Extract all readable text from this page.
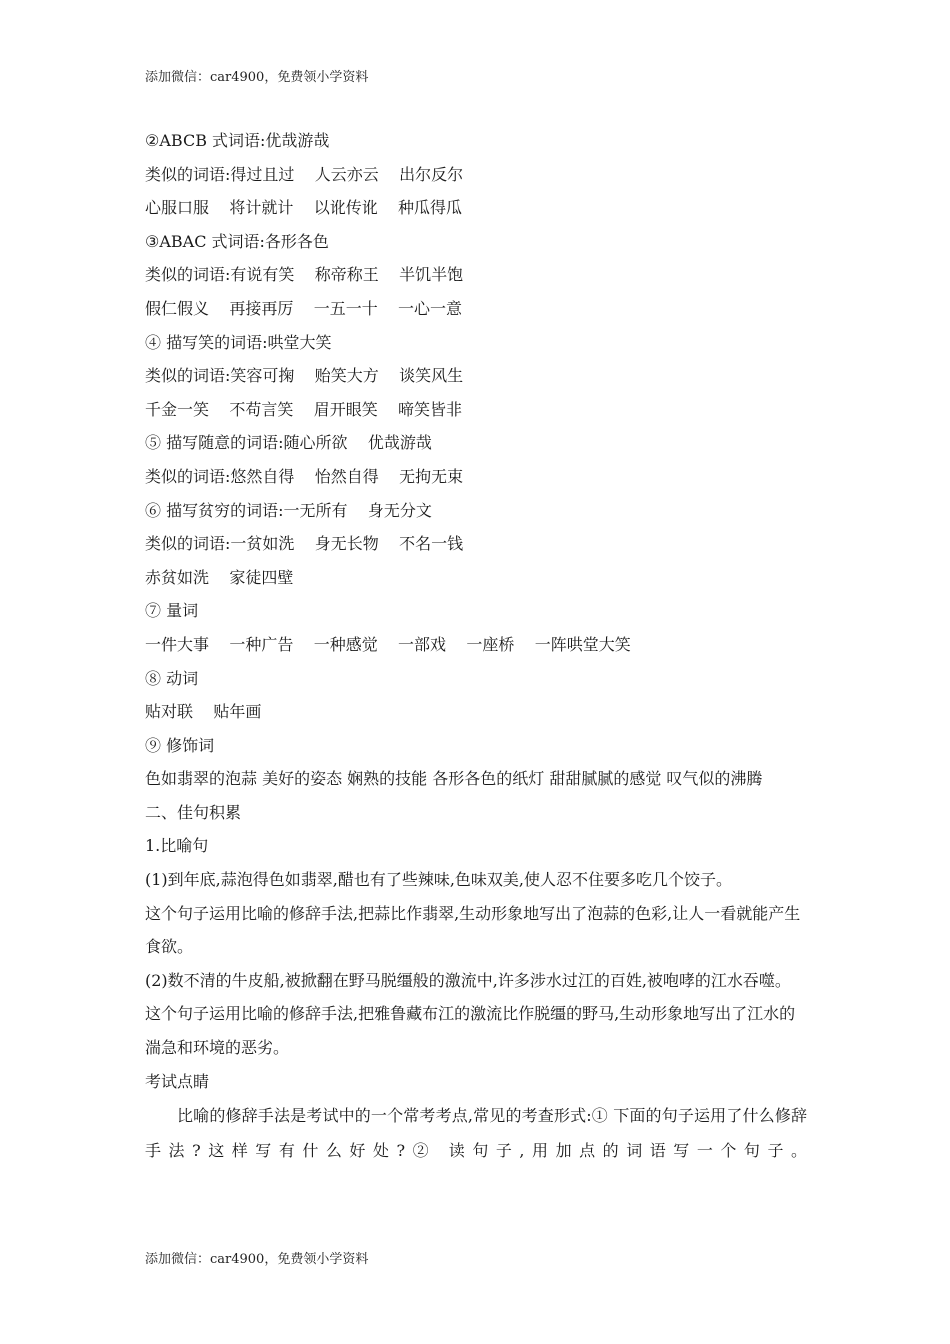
添加微信：car4900，免费领小学资料
②ABCB 式词语:优哉游哉
类似的词语:得过且过    人云亦云    出尔反尔
心服口服    将计就计    以讹传讹    种瓜得瓜
③ABAC 式词语:各形各色
类似的词语:有说有笑    称帝称王    半饥半饱
假仁假义    再接再厉    一五一十    一心一意
④ 描写笑的词语:哄堂大笑
类似的词语:笑容可掬    贻笑大方    谈笑风生
千金一笑    不苟言笑    眉开眼笑    啼笑皆非
⑤ 描写随意的词语:随心所欲    优哉游哉
类似的词语:悠然自得    怡然自得    无拘无束
⑥ 描写贫穷的词语:一无所有    身无分文
类似的词语:一贫如洗    身无长物    不名一钱
赤贫如洗    家徒四壁
⑦ 量词
一件大事    一种广告    一种感觉    一部戏    一座桥    一阵哄堂大笑
⑧ 动词
贴对联    贴年画
⑨ 修饰词
色如翡翠的泡蒜 美好的姿态 娴熟的技能 各形各色的纸灯 甜甜腻腻的感觉 叹气似的沸腾
二、佳句积累
1.比喻句
(1)到年底,蒜泡得色如翡翠,醋也有了些辣味,色味双美,使人忍不住要多吃几个饺子。
这个句子运用比喻的修辞手法,把蒜比作翡翠,生动形象地写出了泡蒜的色彩,让人一看就能产生食欲。
(2)数不清的牛皮船,被掀翻在野马脱缰般的激流中,许多涉水过江的百姓,被咆哮的江水吞噬。
这个句子运用比喻的修辞手法,把雅鲁藏布江的激流比作脱缰的野马,生动形象地写出了江水的湍急和环境的恶劣。
考试点睛
比喻的修辞手法是考试中的一个常考考点,常见的考查形式:① 下面的句子运用了什么修辞手法?这样写有什么好处?② 读句子,用加点的词语写一个句子。
添加微信：car4900，免费领小学资料
